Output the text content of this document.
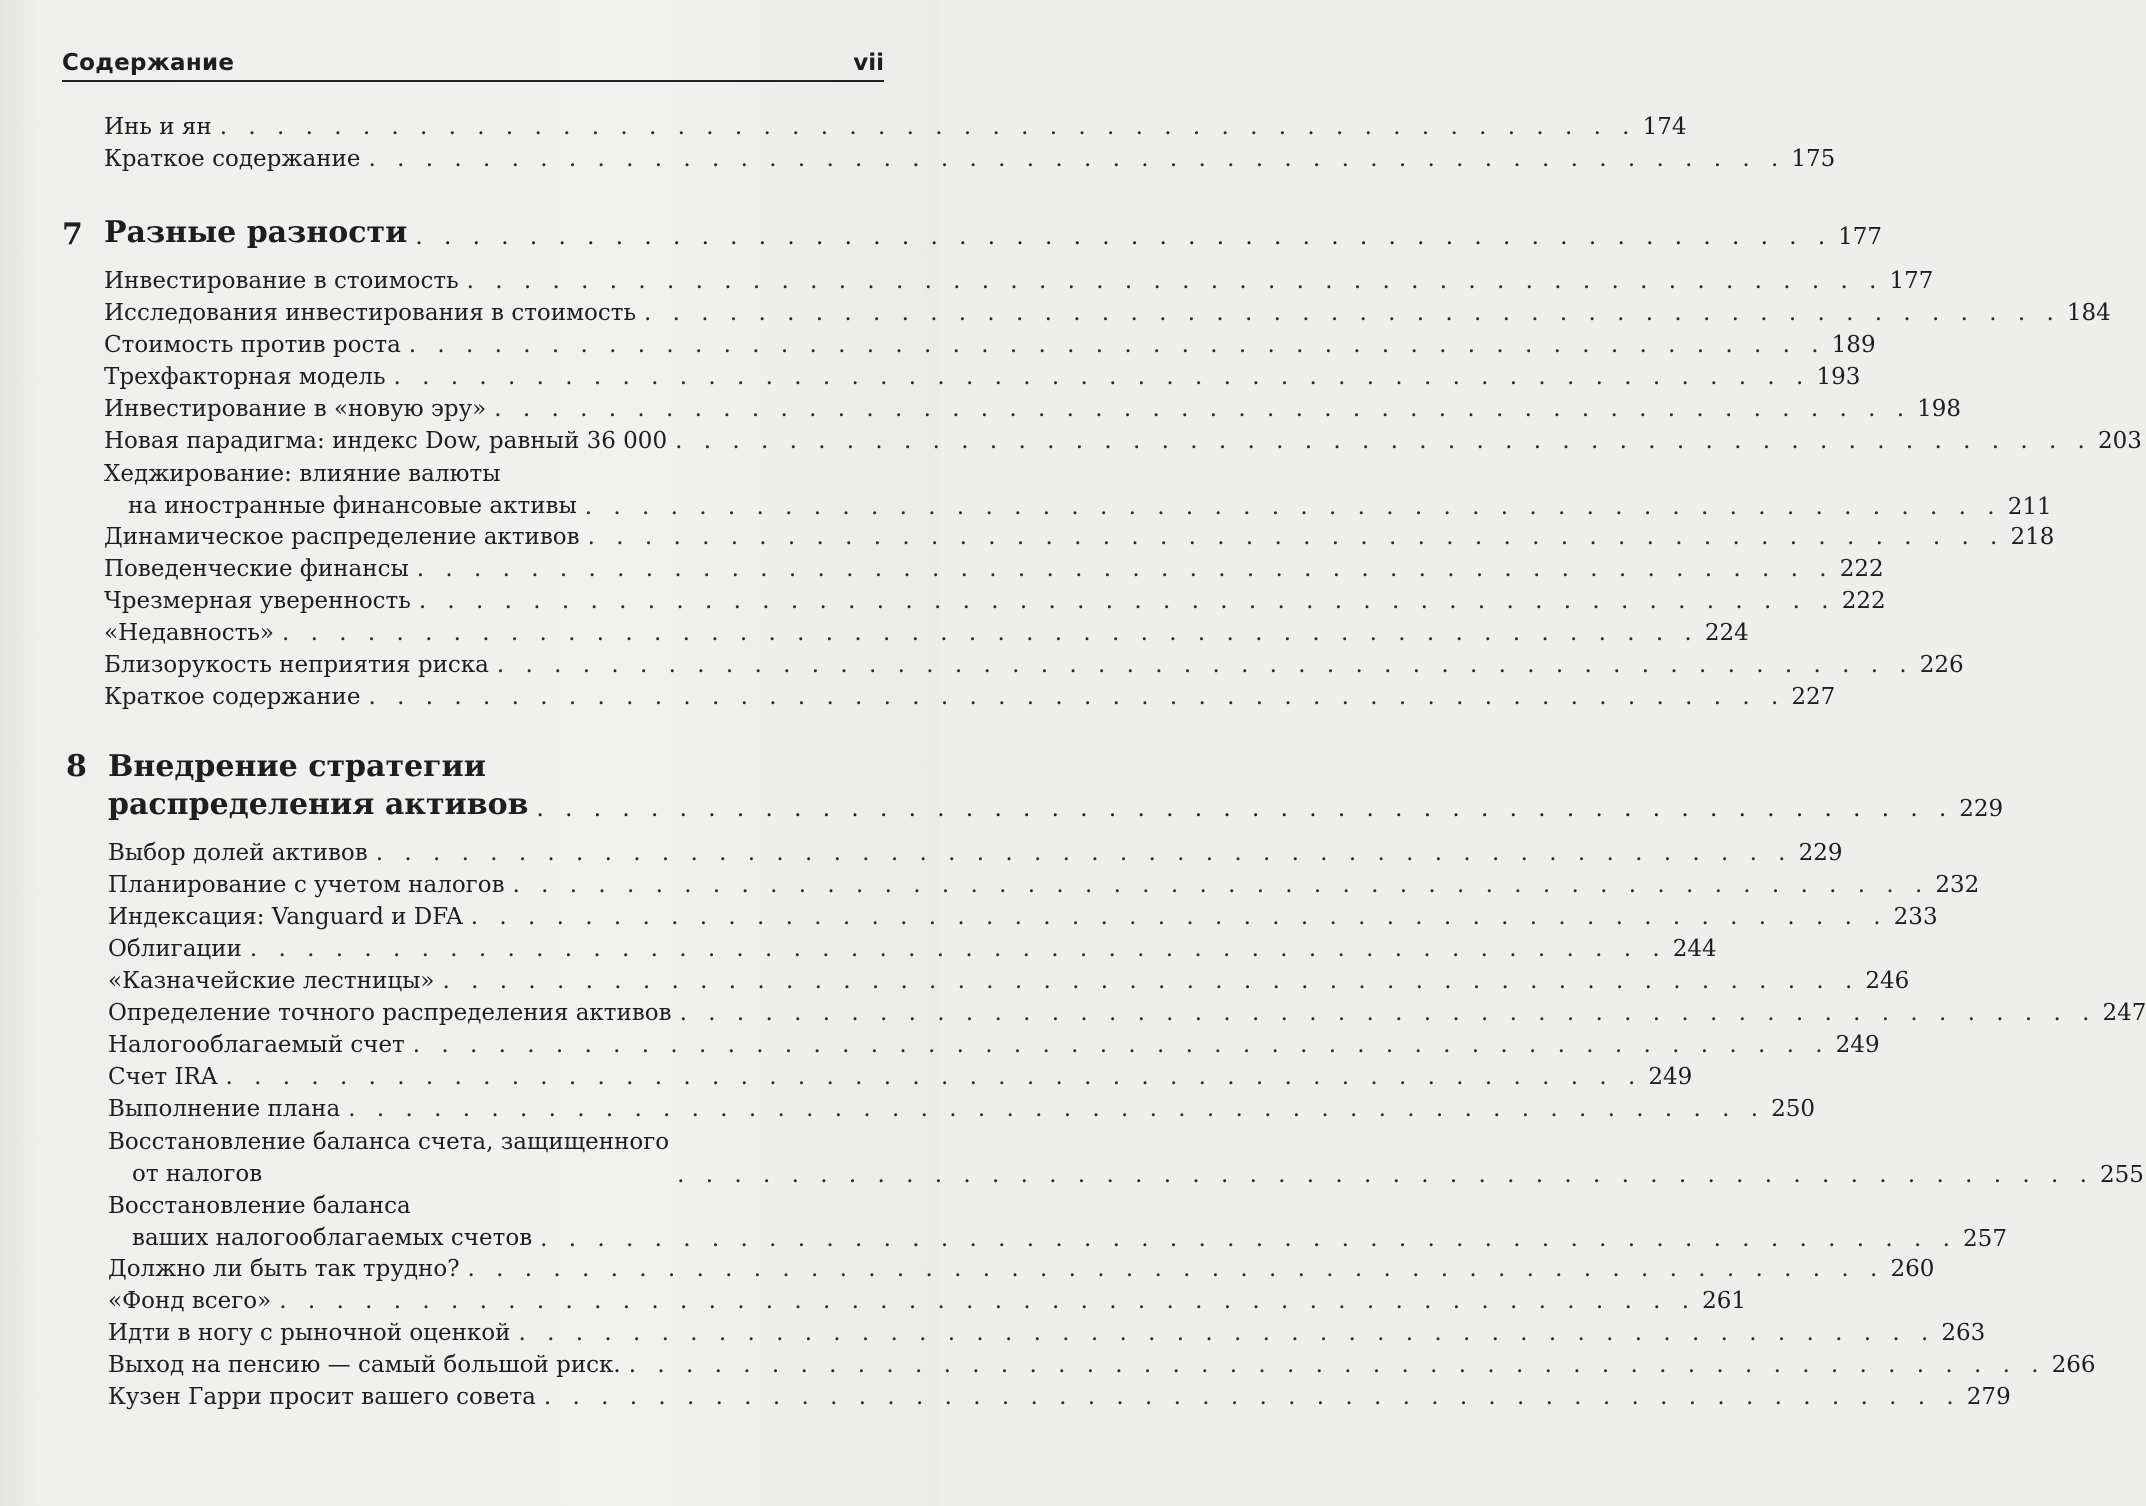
Содержание	vii
Инь и ян . . . . . . . . . . . . . . . . . . . . . . . . . . . . . . . . . . . . . . . . . . . . . . . . . . 174
Краткое содержание . . . . . . . . . . . . . . . . . . . . . . . . . . . . . . . . . . . . . . . . . . . . . . . . . . 175
7 Разные разности . . . . . . . . . . . . . . . . . . . . . . . . . . . . . . . . . . . . . . . . . . . . . . . . . . 177
Инвестирование в стоимость . . . . . . . . . . . . . . . . . . . . . . . . . . . . . . . . . . . . . . . . . . . . . . . . . . 177
Исследования инвестирования в стоимость . . . . . . . . . . . . . . . . . . . . . . . . . . . . . . . . . . . . . . . . . . . . . . . . . . 184
Стоимость против роста . . . . . . . . . . . . . . . . . . . . . . . . . . . . . . . . . . . . . . . . . . . . . . . . . . 189
Трехфакторная модель . . . . . . . . . . . . . . . . . . . . . . . . . . . . . . . . . . . . . . . . . . . . . . . . . . 193
Инвестирование в «новую эру» . . . . . . . . . . . . . . . . . . . . . . . . . . . . . . . . . . . . . . . . . . . . . . . . . . 198
Новая парадигма: индекс Dow, равный 36 000 . . . . . . . . . . . . . . . . . . . . . . . . . . . . . . . . . . . . . . . . . . . . . . . . . . 203
Хеджирование: влияние валюты
на иностранные финансовые активы . . . . . . . . . . . . . . . . . . . . . . . . . . . . . . . . . . . . . . . . . . . . . . . . . . 211
Динамическое распределение активов . . . . . . . . . . . . . . . . . . . . . . . . . . . . . . . . . . . . . . . . . . . . . . . . . . 218
Поведенческие финансы . . . . . . . . . . . . . . . . . . . . . . . . . . . . . . . . . . . . . . . . . . . . . . . . . . 222
Чрезмерная уверенность . . . . . . . . . . . . . . . . . . . . . . . . . . . . . . . . . . . . . . . . . . . . . . . . . . 222
«Недавность» . . . . . . . . . . . . . . . . . . . . . . . . . . . . . . . . . . . . . . . . . . . . . . . . . . 224
Близорукость неприятия риска . . . . . . . . . . . . . . . . . . . . . . . . . . . . . . . . . . . . . . . . . . . . . . . . . . 226
Краткое содержание . . . . . . . . . . . . . . . . . . . . . . . . . . . . . . . . . . . . . . . . . . . . . . . . . . 227
8 Внедрение стратегии
распределения активов . . . . . . . . . . . . . . . . . . . . . . . . . . . . . . . . . . . . . . . . . . . . . . . . . . 229
Выбор долей активов . . . . . . . . . . . . . . . . . . . . . . . . . . . . . . . . . . . . . . . . . . . . . . . . . . 229
Планирование с учетом налогов . . . . . . . . . . . . . . . . . . . . . . . . . . . . . . . . . . . . . . . . . . . . . . . . . . 232
Индексация: Vanguard и DFA . . . . . . . . . . . . . . . . . . . . . . . . . . . . . . . . . . . . . . . . . . . . . . . . . . 233
Облигации . . . . . . . . . . . . . . . . . . . . . . . . . . . . . . . . . . . . . . . . . . . . . . . . . . 244
«Казначейские лестницы» . . . . . . . . . . . . . . . . . . . . . . . . . . . . . . . . . . . . . . . . . . . . . . . . . . 246
Определение точного распределения активов . . . . . . . . . . . . . . . . . . . . . . . . . . . . . . . . . . . . . . . . . . . . . . . . . . 247
Налогооблагаемый счет . . . . . . . . . . . . . . . . . . . . . . . . . . . . . . . . . . . . . . . . . . . . . . . . . . 249
Счет IRA . . . . . . . . . . . . . . . . . . . . . . . . . . . . . . . . . . . . . . . . . . . . . . . . . . 249
Выполнение плана . . . . . . . . . . . . . . . . . . . . . . . . . . . . . . . . . . . . . . . . . . . . . . . . . . 250
Восстановление баланса счета, защищенного
от налогов	. . . . . . . . . . . . . . . . . . . . . . . . . . . . . . . . . . . . . . . . . . . . . . . . . . 255
Восстановление баланса
ваших налогооблагаемых счетов . . . . . . . . . . . . . . . . . . . . . . . . . . . . . . . . . . . . . . . . . . . . . . . . . . 257
Должно ли быть так трудно? . . . . . . . . . . . . . . . . . . . . . . . . . . . . . . . . . . . . . . . . . . . . . . . . . . 260
«Фонд всего» . . . . . . . . . . . . . . . . . . . . . . . . . . . . . . . . . . . . . . . . . . . . . . . . . . 261
Идти в ногу с рыночной оценкой . . . . . . . . . . . . . . . . . . . . . . . . . . . . . . . . . . . . . . . . . . . . . . . . . . 263
Выход на пенсию — самый большой риск. . . . . . . . . . . . . . . . . . . . . . . . . . . . . . . . . . . . . . . . . . . . . . . . . . . 266
Кузен Гарри просит вашего совета . . . . . . . . . . . . . . . . . . . . . . . . . . . . . . . . . . . . . . . . . . . . . . . . . . 279
